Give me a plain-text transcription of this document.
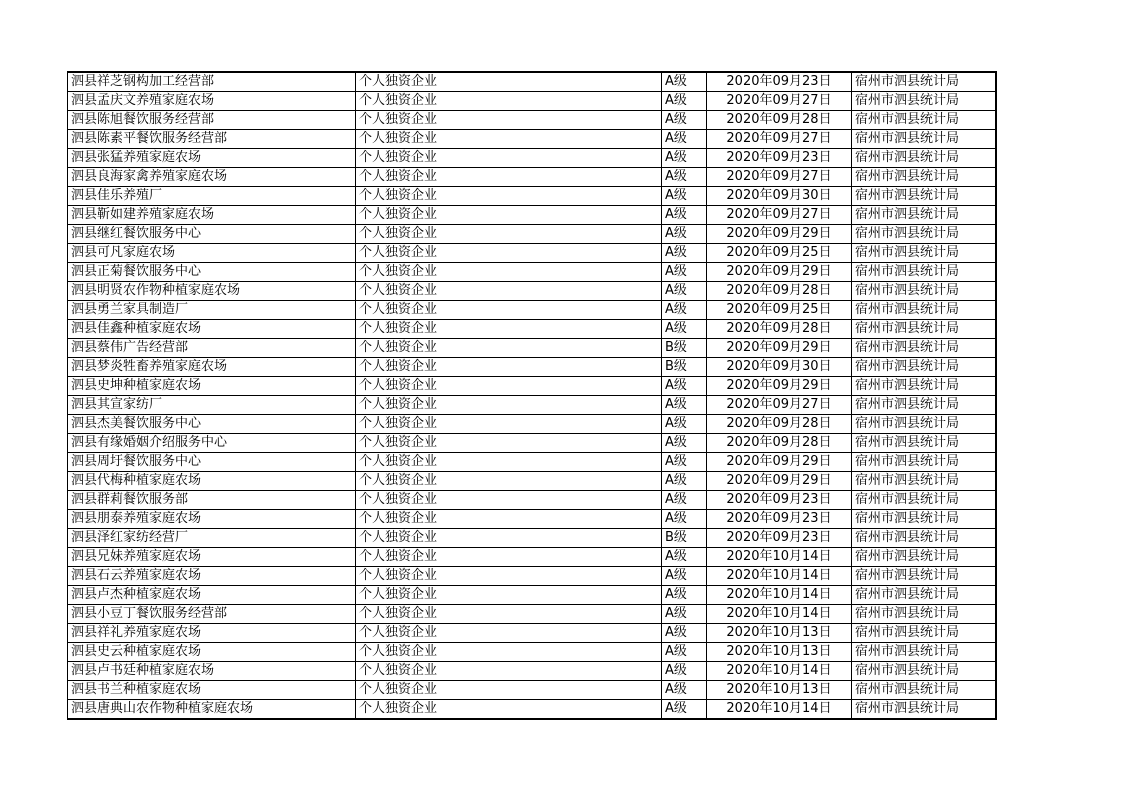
泗县祥芝钢构加工经营部	个人独资企业	A级	2020年09月23日	宿州市泗县统计局
泗县孟庆文养殖家庭农场	个人独资企业	A级	2020年09月27日	宿州市泗县统计局
泗县陈旭餐饮服务经营部	个人独资企业	A级	2020年09月28日	宿州市泗县统计局
泗县陈素平餐饮服务经营部	个人独资企业	A级	2020年09月27日	宿州市泗县统计局
泗县张猛养殖家庭农场	个人独资企业	A级	2020年09月23日	宿州市泗县统计局
泗县良海家禽养殖家庭农场	个人独资企业	A级	2020年09月27日	宿州市泗县统计局
泗县佳乐养殖厂	个人独资企业	A级	2020年09月30日	宿州市泗县统计局
泗县靳如建养殖家庭农场	个人独资企业	A级	2020年09月27日	宿州市泗县统计局
泗县继红餐饮服务中心	个人独资企业	A级	2020年09月29日	宿州市泗县统计局
泗县可凡家庭农场	个人独资企业	A级	2020年09月25日	宿州市泗县统计局
泗县正菊餐饮服务中心	个人独资企业	A级	2020年09月29日	宿州市泗县统计局
泗县明贤农作物种植家庭农场	个人独资企业	A级	2020年09月28日	宿州市泗县统计局
泗县勇兰家具制造厂	个人独资企业	A级	2020年09月25日	宿州市泗县统计局
泗县佳鑫种植家庭农场	个人独资企业	A级	2020年09月28日	宿州市泗县统计局
泗县蔡伟广告经营部	个人独资企业	B级	2020年09月29日	宿州市泗县统计局
泗县梦炎牲畜养殖家庭农场	个人独资企业	B级	2020年09月30日	宿州市泗县统计局
泗县史坤种植家庭农场	个人独资企业	A级	2020年09月29日	宿州市泗县统计局
泗县其宣家纺厂	个人独资企业	A级	2020年09月27日	宿州市泗县统计局
泗县杰美餐饮服务中心	个人独资企业	A级	2020年09月28日	宿州市泗县统计局
泗县有缘婚姻介绍服务中心	个人独资企业	A级	2020年09月28日	宿州市泗县统计局
泗县周圩餐饮服务中心	个人独资企业	A级	2020年09月29日	宿州市泗县统计局
泗县代梅种植家庭农场	个人独资企业	A级	2020年09月29日	宿州市泗县统计局
泗县群莉餐饮服务部	个人独资企业	A级	2020年09月23日	宿州市泗县统计局
泗县朋泰养殖家庭农场	个人独资企业	A级	2020年09月23日	宿州市泗县统计局
泗县泽红家纺经营厂	个人独资企业	B级	2020年09月23日	宿州市泗县统计局
泗县兄妹养殖家庭农场	个人独资企业	A级	2020年10月14日	宿州市泗县统计局
泗县石云养殖家庭农场	个人独资企业	A级	2020年10月14日	宿州市泗县统计局
泗县卢杰种植家庭农场	个人独资企业	A级	2020年10月14日	宿州市泗县统计局
泗县小豆丁餐饮服务经营部	个人独资企业	A级	2020年10月14日	宿州市泗县统计局
泗县祥礼养殖家庭农场	个人独资企业	A级	2020年10月13日	宿州市泗县统计局
泗县史云种植家庭农场	个人独资企业	A级	2020年10月13日	宿州市泗县统计局
泗县卢书廷种植家庭农场	个人独资企业	A级	2020年10月14日	宿州市泗县统计局
泗县书兰种植家庭农场	个人独资企业	A级	2020年10月13日	宿州市泗县统计局
泗县唐典山农作物种植家庭农场	个人独资企业	A级	2020年10月14日	宿州市泗县统计局
